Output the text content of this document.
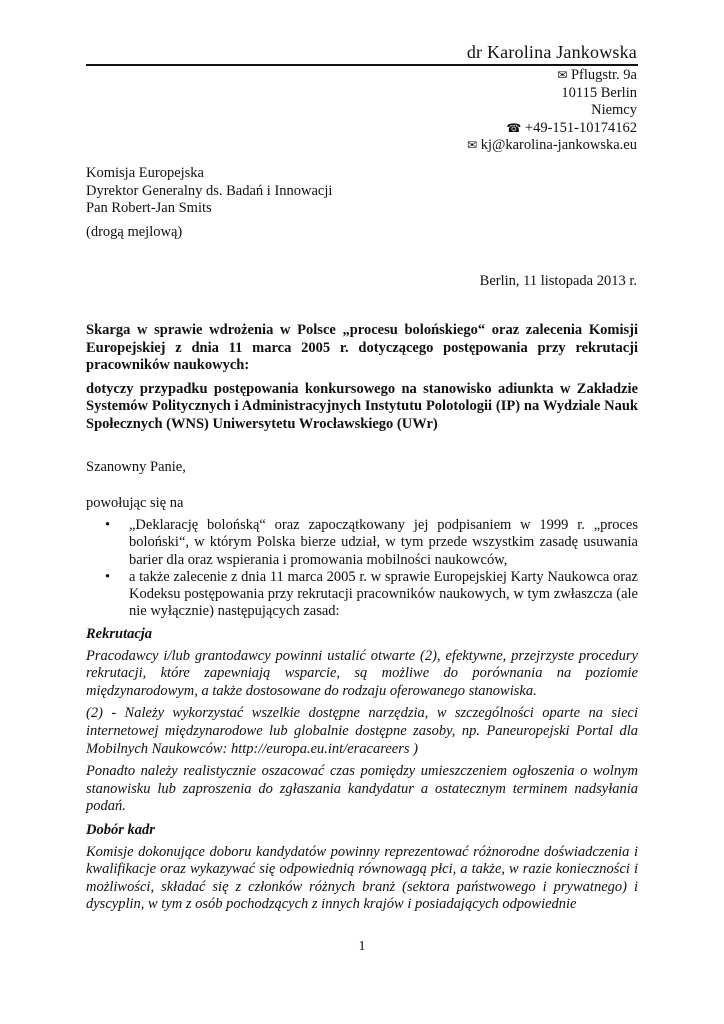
dr Karolina Jankowska
✉ Pflugstr. 9a
10115 Berlin
Niemcy
☎ +49-151-10174162
✉ kj@karolina-jankowska.eu
Komisja Europejska
Dyrektor Generalny ds. Badań i Innowacji
Pan Robert-Jan Smits
(drogą mejlową)
Berlin, 11 listopada 2013 r.

Skarga w sprawie wdrożenia w Polsce „procesu bolońskiego“ oraz zalecenia Komisji Europejskiej z dnia 11 marca 2005 r. dotyczącego postępowania przy rekrutacji pracowników naukowych:

dotyczy przypadku postępowania konkursowego na stanowisko adiunkta w Zakładzie Systemów Politycznych i Administracyjnych Instytutu Polotologii (IP) na Wydziale Nauk Społecznych (WNS) Uniwersytetu Wrocławskiego (UWr)

Szanowny Panie,
powołując się na
• „Deklarację bolońską“ oraz zapoczątkowany jej podpisaniem w 1999 r. „proces boloński“, w którym Polska bierze udział, w tym przede wszystkim zasadę usuwania barier dla oraz wspierania i promowania mobilności naukowców,
• a także zalecenie z dnia 11 marca 2005 r. w sprawie Europejskiej Karty Naukowca oraz Kodeksu postępowania przy rekrutacji pracowników naukowych, w tym zwłaszcza (ale nie wyłącznie) następujących zasad:
Rekrutacja

Pracodawcy i/lub grantodawcy powinni ustalić otwarte (2), efektywne, przejrzyste procedury rekrutacji, które zapewniają wsparcie, są możliwe do porównania na poziomie międzynarodowym, a także dostosowane do rodzaju oferowanego stanowiska.

(2) - Należy wykorzystać wszelkie dostępne narzędzia, w szczególności oparte na sieci internetowej międzynarodowe lub globalnie dostępne zasoby, np. Paneuropejski Portal dla Mobilnych Naukowców: http://europa.eu.int/eracareers )

Ponadto należy realistycznie oszacować czas pomiędzy umieszczeniem ogłoszenia o wolnym stanowisku lub zaproszenia do zgłaszania kandydatur a ostatecznym terminem nadsyłania podań.

Dobór kadr

Komisje dokonujące doboru kandydatów powinny reprezentować różnorodne doświadczenia i kwalifikacje oraz wykazywać się odpowiednią równowagą płci, a także, w razie konieczności i możliwości, składać się z członków różnych branż (sektora państwowego i prywatnego) i dyscyplin, w tym z osób pochodzących z innych krajów i posiadających odpowiednie

1
